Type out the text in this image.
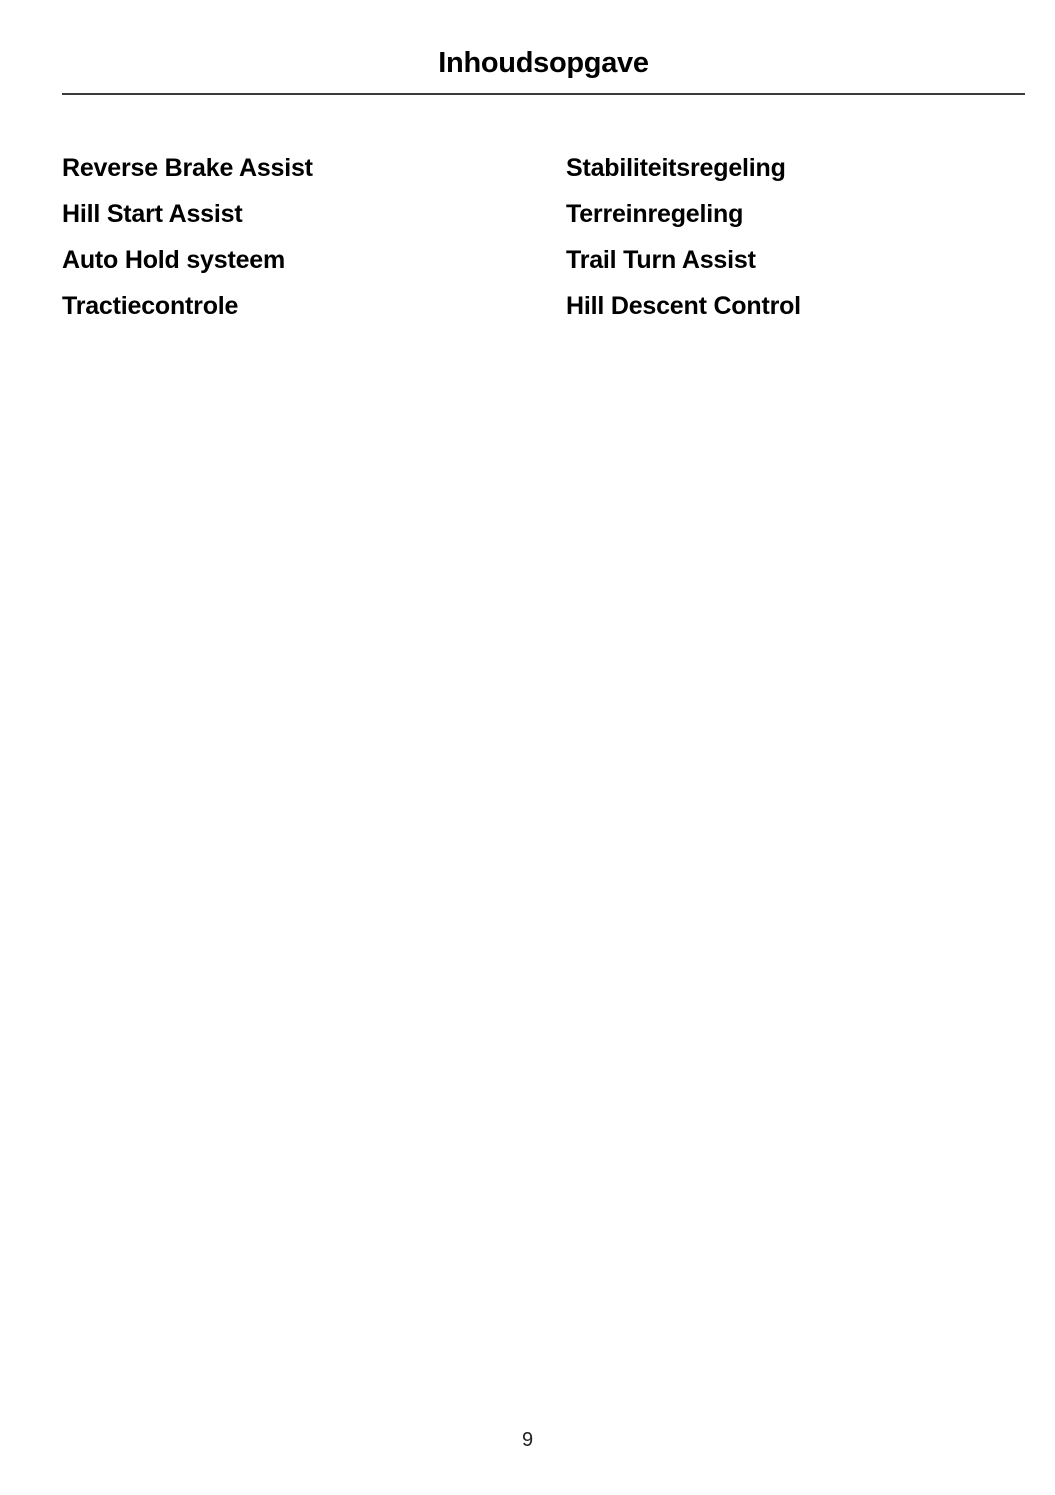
Inhoudsopgave
Reverse Brake Assist
Hill Start Assist
Auto Hold systeem
Tractiecontrole
Stabiliteitsregeling
Terreinregeling
Trail Turn Assist
Hill Descent Control
9
